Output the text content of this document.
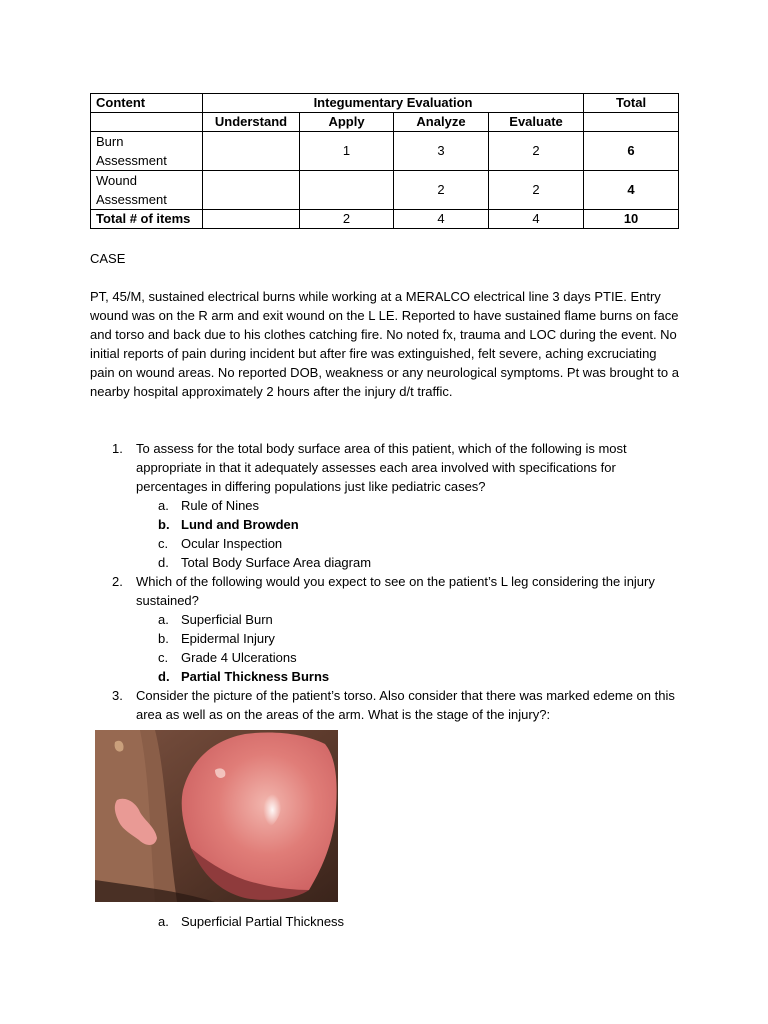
Content	Integumentary Evaluation				Total
	Understand	Apply	Analyze	Evaluate	
Burn
Assessment		1	3	2	6
Wound
Assessment			2	2	4
Total # of items		2	4	4	10
CASE
PT, 45/M, sustained electrical burns while working at a MERALCO electrical line 3 days PTIE. Entry wound was on the R arm and exit wound on the L LE. Reported to have sustained flame burns on face and torso and back due to his clothes catching fire. No noted fx, trauma and LOC during the event. No initial reports of pain during incident but after fire was extinguished, felt severe, aching excruciating pain on wound areas. No reported DOB, weakness or any neurological symptoms. Pt was brought to a nearby hospital approximately 2 hours after the injury d/t traffic.
1. To assess for the total body surface area of this patient, which of the following is most appropriate in that it adequately assesses each area involved with specifications for percentages in differing populations just like pediatric cases?
a. Rule of Nines
b. Lund and Browden
c. Ocular Inspection
d. Total Body Surface Area diagram
2. Which of the following would you expect to see on the patient’s L leg considering the injury sustained?
a. Superficial Burn
b. Epidermal Injury
c. Grade 4 Ulcerations
d. Partial Thickness Burns
3. Consider the picture of the patient’s torso. Also consider that there was marked edeme on this area as well as on the areas of the arm. What is the stage of the injury?:
a. Superficial Partial Thickness
